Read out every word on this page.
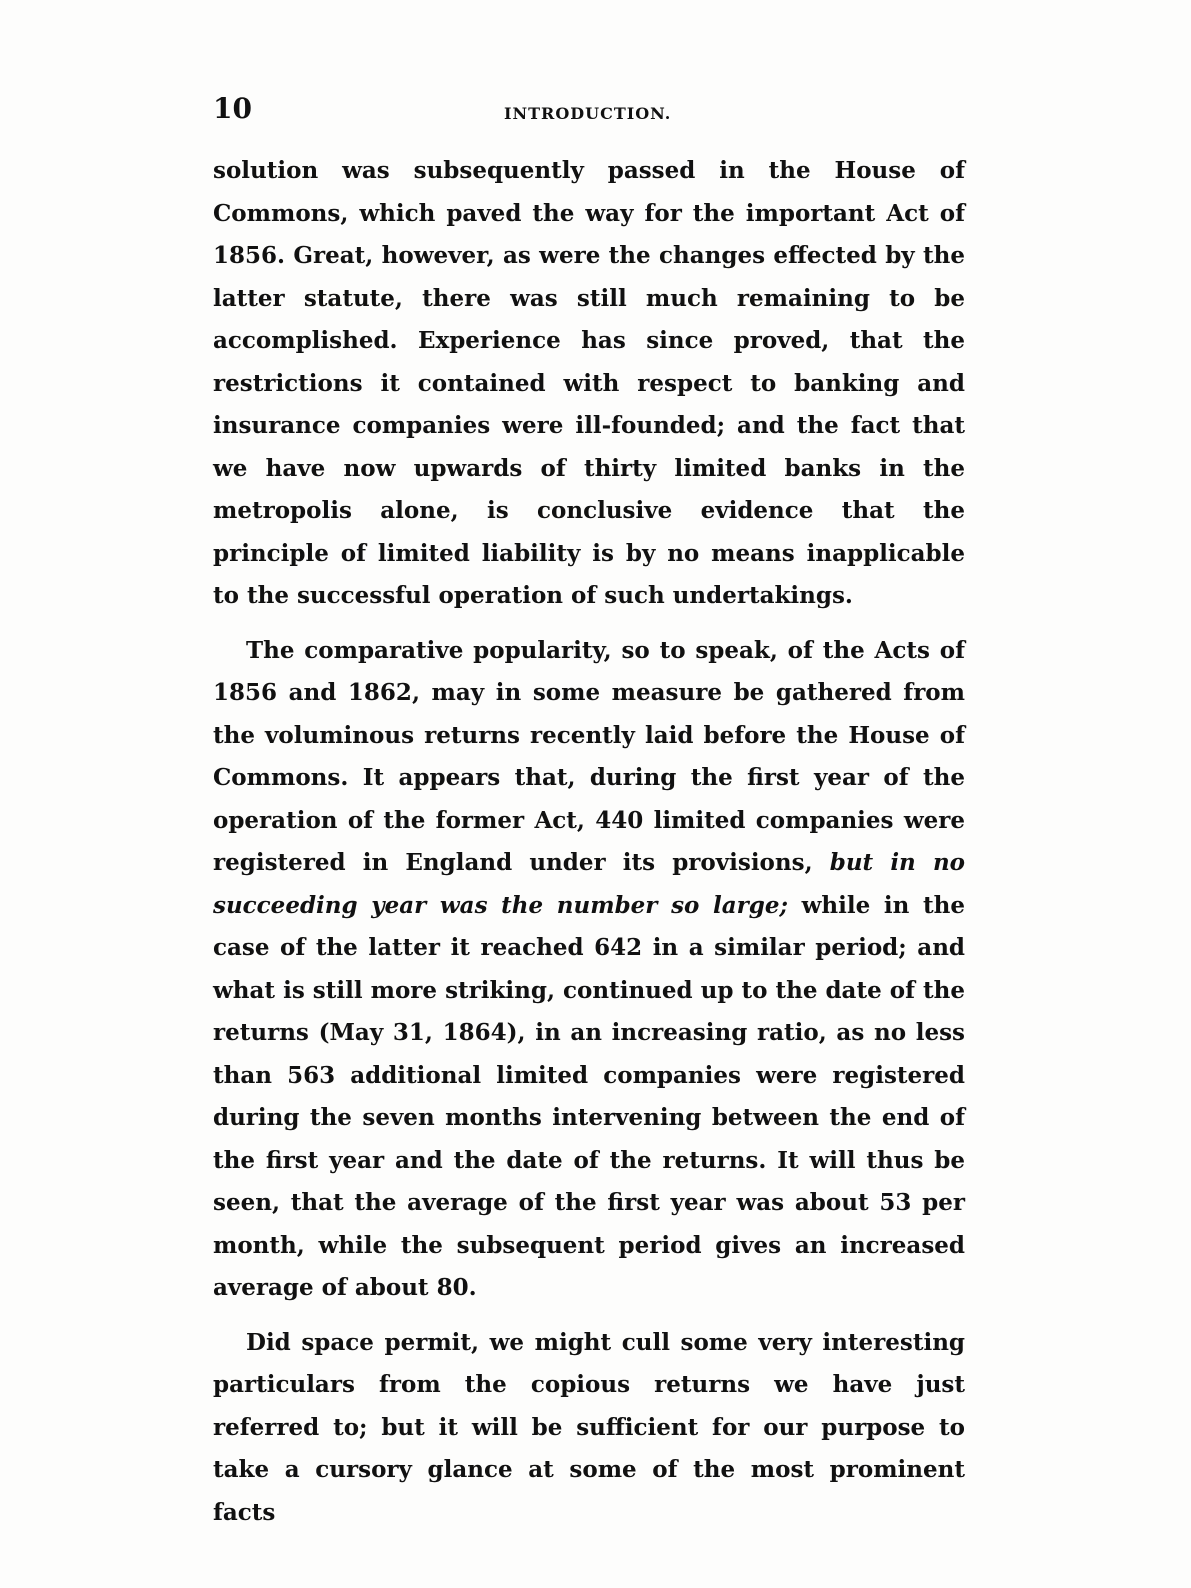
10	INTRODUCTION.

solution was subsequently passed in the House of Commons, which paved the way for the important Act of 1856. Great, however, as were the changes effected by the latter statute, there was still much remaining to be accomplished. Experience has since proved, that the restrictions it contained with respect to banking and insurance companies were ill-founded; and the fact that we have now upwards of thirty limited banks in the metropolis alone, is conclusive evidence that the principle of limited liability is by no means inapplicable to the successful operation of such undertakings.

The comparative popularity, so to speak, of the Acts of 1856 and 1862, may in some measure be gathered from the voluminous returns recently laid before the House of Commons. It appears that, during the first year of the operation of the former Act, 440 limited companies were registered in England under its provisions, but in no succeeding year was the number so large; while in the case of the latter it reached 642 in a similar period; and what is still more striking, continued up to the date of the returns (May 31, 1864), in an increasing ratio, as no less than 563 additional limited companies were registered during the seven months intervening between the end of the first year and the date of the returns. It will thus be seen, that the average of the first year was about 53 per month, while the subsequent period gives an increased average of about 80.

Did space permit, we might cull some very interesting particulars from the copious returns we have just referred to; but it will be sufficient for our purpose to take a cursory glance at some of the most prominent facts
